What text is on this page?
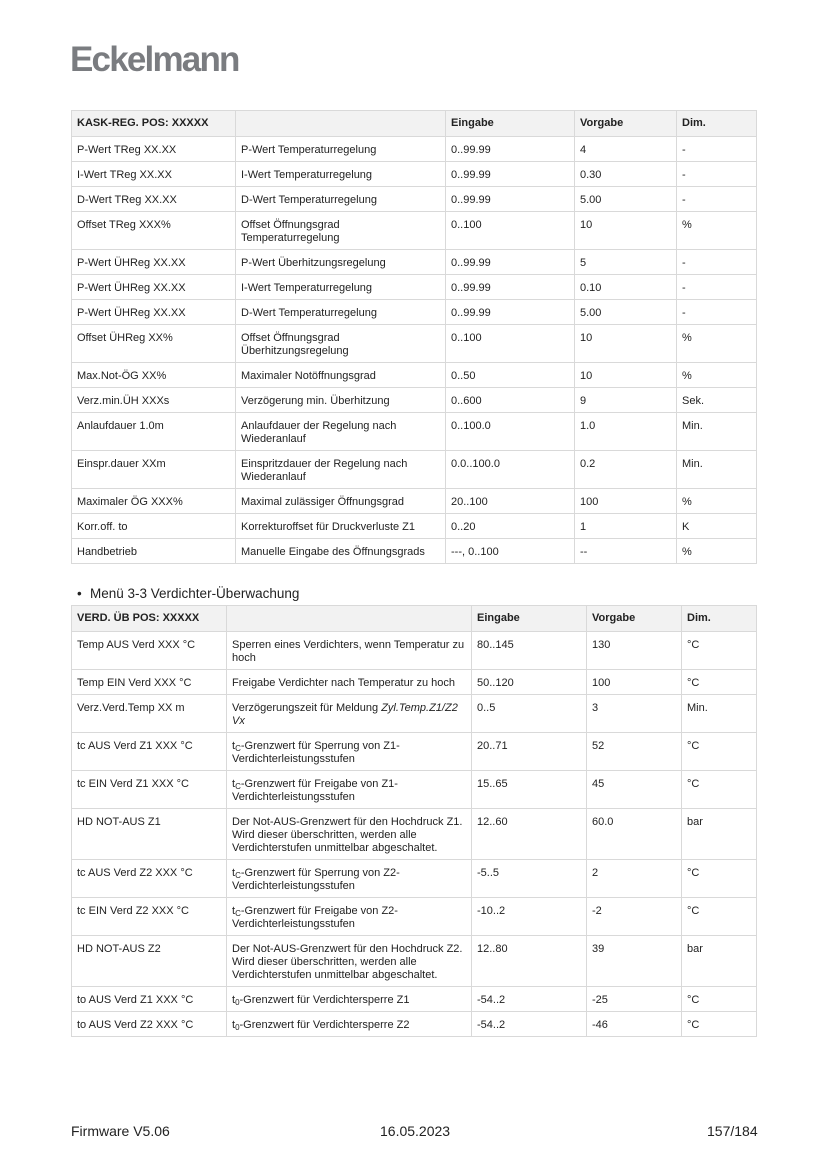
Eckelmann
KASK-REG. POS: XXXXX		Eingabe	Vorgabe	Dim.
P-Wert TReg XX.XX	P-Wert Temperaturregelung	0..99.99	4	-
I-Wert TReg XX.XX	I-Wert Temperaturregelung	0..99.99	0.30	-
D-Wert TReg XX.XX	D-Wert Temperaturregelung	0..99.99	5.00	-
Offset TReg XXX%	Offset Öffnungsgrad Temperaturregelung	0..100	10	%
P-Wert ÜHReg XX.XX	P-Wert Überhitzungsregelung	0..99.99	5	-
P-Wert ÜHReg XX.XX	I-Wert Temperaturregelung	0..99.99	0.10	-
P-Wert ÜHReg XX.XX	D-Wert Temperaturregelung	0..99.99	5.00	-
Offset ÜHReg XX%	Offset Öffnungsgrad Überhitzungsregelung	0..100	10	%
Max.Not-ÖG XX%	Maximaler Notöffnungsgrad	0..50	10	%
Verz.min.ÜH XXXs	Verzögerung min. Überhitzung	0..600	9	Sek.
Anlaufdauer 1.0m	Anlaufdauer der Regelung nach Wiederanlauf	0..100.0	1.0	Min.
Einspr.dauer XXm	Einspritzdauer der Regelung nach Wiederanlauf	0.0..100.0	0.2	Min.
Maximaler ÖG XXX%	Maximal zulässiger Öffnungsgrad	20..100	100	%
Korr.off. to	Korrekturoffset für Druckverluste Z1	0..20	1	K
Handbetrieb	Manuelle Eingabe des Öffnungsgrads	---, 0..100	--	%
• Menü 3-3 Verdichter-Überwachung
VERD. ÜB POS: XXXXX		Eingabe	Vorgabe	Dim.
Temp AUS Verd XXX °C	Sperren eines Verdichters, wenn Temperatur zu hoch	80..145	130	°C
Temp EIN Verd XXX °C	Freigabe Verdichter nach Temperatur zu hoch	50..120	100	°C
Verz.Verd.Temp XX m	Verzögerungszeit für Meldung Zyl.Temp.Z1/Z2 Vx	0..5	3	Min.
tc AUS Verd Z1 XXX °C	$t_C$-Grenzwert für Sperrung von Z1-Verdichterleistungsstufen	20..71	52	°C
tc EIN Verd Z1 XXX °C	$t_C$-Grenzwert für Freigabe von Z1-Verdichterleistungsstufen	15..65	45	°C
HD NOT-AUS Z1	Der Not-AUS-Grenzwert für den Hochdruck Z1. Wird dieser überschritten, werden alle Verdichterstufen unmittelbar abgeschaltet.	12..60	60.0	bar
tc AUS Verd Z2 XXX °C	$t_C$-Grenzwert für Sperrung von Z2-Verdichterleistungsstufen	-5..5	2	°C
tc EIN Verd Z2 XXX °C	$t_C$-Grenzwert für Freigabe von Z2-Verdichterleistungsstufen	-10..2	-2	°C
HD NOT-AUS Z2	Der Not-AUS-Grenzwert für den Hochdruck Z2. Wird dieser überschritten, werden alle Verdichterstufen unmittelbar abgeschaltet.	12..80	39	bar
to AUS Verd Z1 XXX °C	$t_0$-Grenzwert für Verdichtersperre Z1	-54..2	-25	°C
to AUS Verd Z2 XXX °C	$t_0$-Grenzwert für Verdichtersperre Z2	-54..2	-46	°C
Firmware V5.06	16.05.2023	157/184
